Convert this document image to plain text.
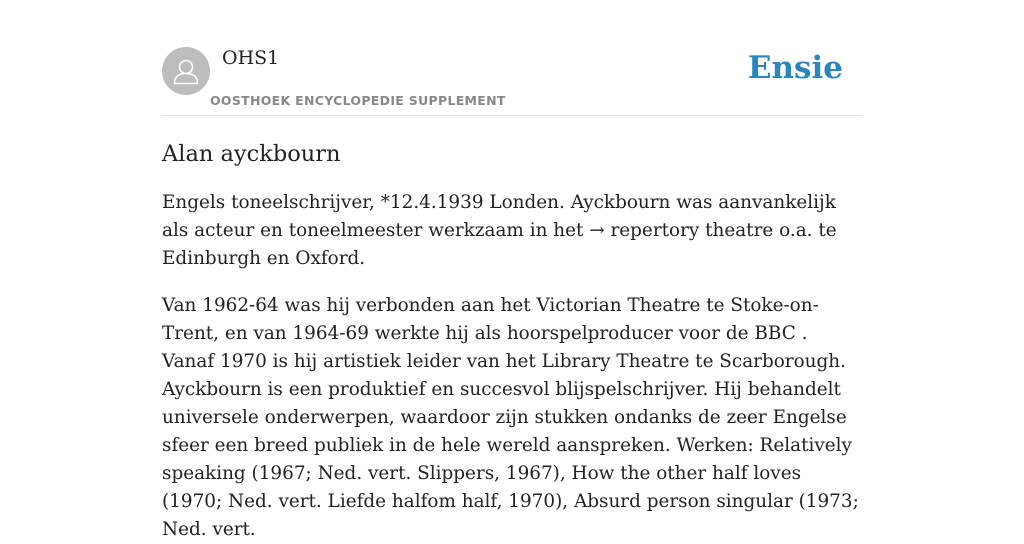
OHS1
OOSTHOEK ENCYCLOPEDIE SUPPLEMENT
Ensie
Alan ayckbourn

Engels toneelschrijver, *12.4.1939 Londen. Ayckbourn was aanvankelijk als acteur en toneelmeester werkzaam in het → repertory theatre o.a. te Edinburgh en Oxford.

Van 1962-64 was hij verbonden aan het Victorian Theatre te Stoke-on-Trent, en van 1964-69 werkte hij als hoorspelproducer voor de BBC . Vanaf 1970 is hij artistiek leider van het Library Theatre te Scarborough. Ayckbourn is een produktief en succesvol blijspelschrijver. Hij behandelt universele onderwerpen, waardoor zijn stukken ondanks de zeer Engelse sfeer een breed publiek in de hele wereld aanspreken. Werken: Relatively speaking (1967; Ned. vert. Slippers, 1967), How the other half loves (1970; Ned. vert. Liefde halfom half, 1970), Absurd person singular (1973; Ned. vert.
